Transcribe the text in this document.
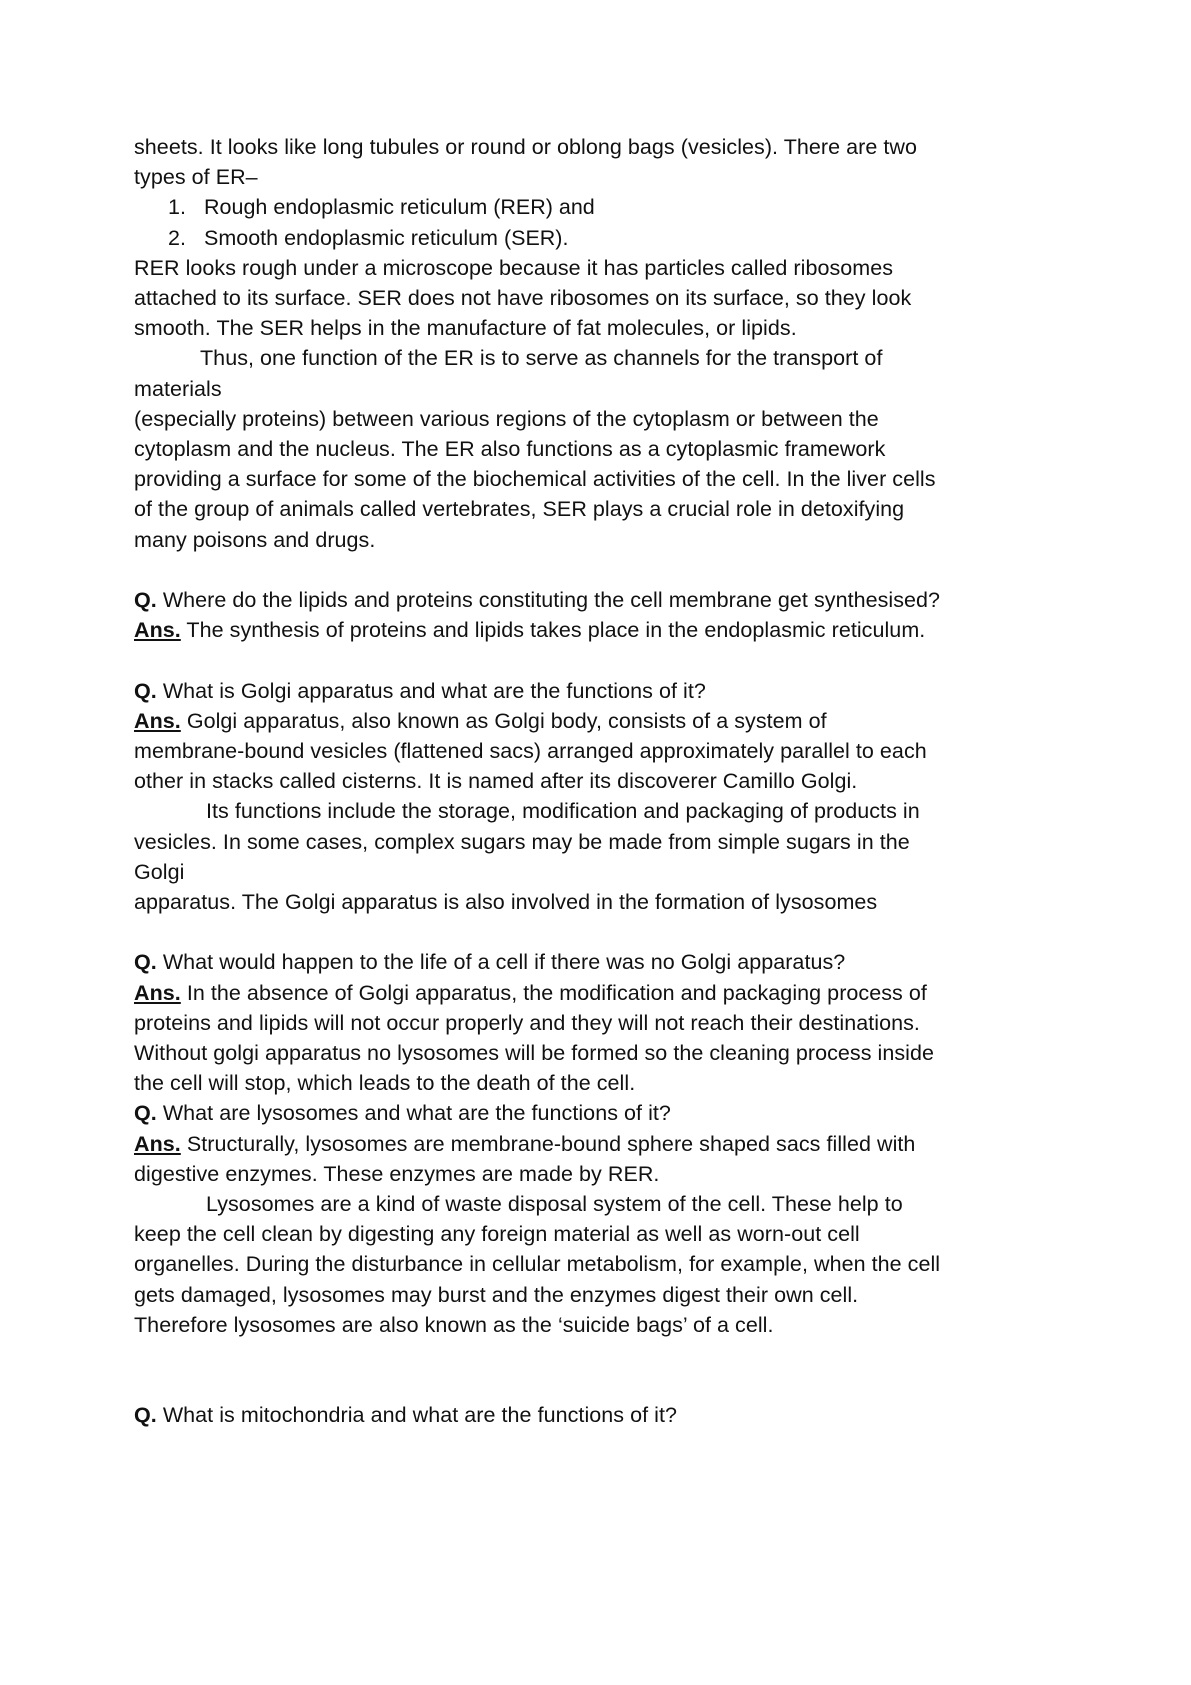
sheets. It looks like long tubules or round or oblong bags (vesicles). There are two

types of ER–

1. Rough endoplasmic reticulum (RER) and
2. Smooth endoplasmic reticulum (SER).

RER looks rough under a microscope because it has particles called ribosomes

attached to its surface. SER does not have ribosomes on its surface, so they look

smooth. The SER helps in the manufacture of fat molecules, or lipids.

Thus, one function of the ER is to serve as channels for the transport of

materials

(especially proteins) between various regions of the cytoplasm or between the

cytoplasm and the nucleus. The ER also functions as a cytoplasmic framework

providing a surface for some of the biochemical activities of the cell. In the liver cells

of the group of animals called vertebrates, SER plays a crucial role in detoxifying

many poisons and drugs.

Q. Where do the lipids and proteins constituting the cell membrane get synthesised?

Ans. The synthesis of proteins and lipids takes place in the endoplasmic reticulum.

Q. What is Golgi apparatus and what are the functions of it?

Ans. Golgi apparatus, also known as Golgi body, consists of a system of

membrane-bound vesicles (flattened sacs) arranged approximately parallel to each

other in stacks called cisterns. It is named after its discoverer Camillo Golgi.

Its functions include the storage, modification and packaging of products in

vesicles. In some cases, complex sugars may be made from simple sugars in the

Golgi

apparatus. The Golgi apparatus is also involved in the formation of lysosomes

Q. What would happen to the life of a cell if there was no Golgi apparatus?

Ans. In the absence of Golgi apparatus, the modification and packaging process of

proteins and lipids will not occur properly and they will not reach their destinations.

Without golgi apparatus no lysosomes will be formed so the cleaning process inside

the cell will stop, which leads to the death of the cell.

Q. What are lysosomes and what are the functions of it?

Ans. Structurally, lysosomes are membrane-bound sphere shaped sacs filled with

digestive enzymes. These enzymes are made by RER.

Lysosomes are a kind of waste disposal system of the cell. These help to

keep the cell clean by digesting any foreign material as well as worn-out cell

organelles. During the disturbance in cellular metabolism, for example, when the cell

gets damaged, lysosomes may burst and the enzymes digest their own cell.

Therefore lysosomes are also known as the ‘suicide bags’ of a cell.

Q. What is mitochondria and what are the functions of it?
